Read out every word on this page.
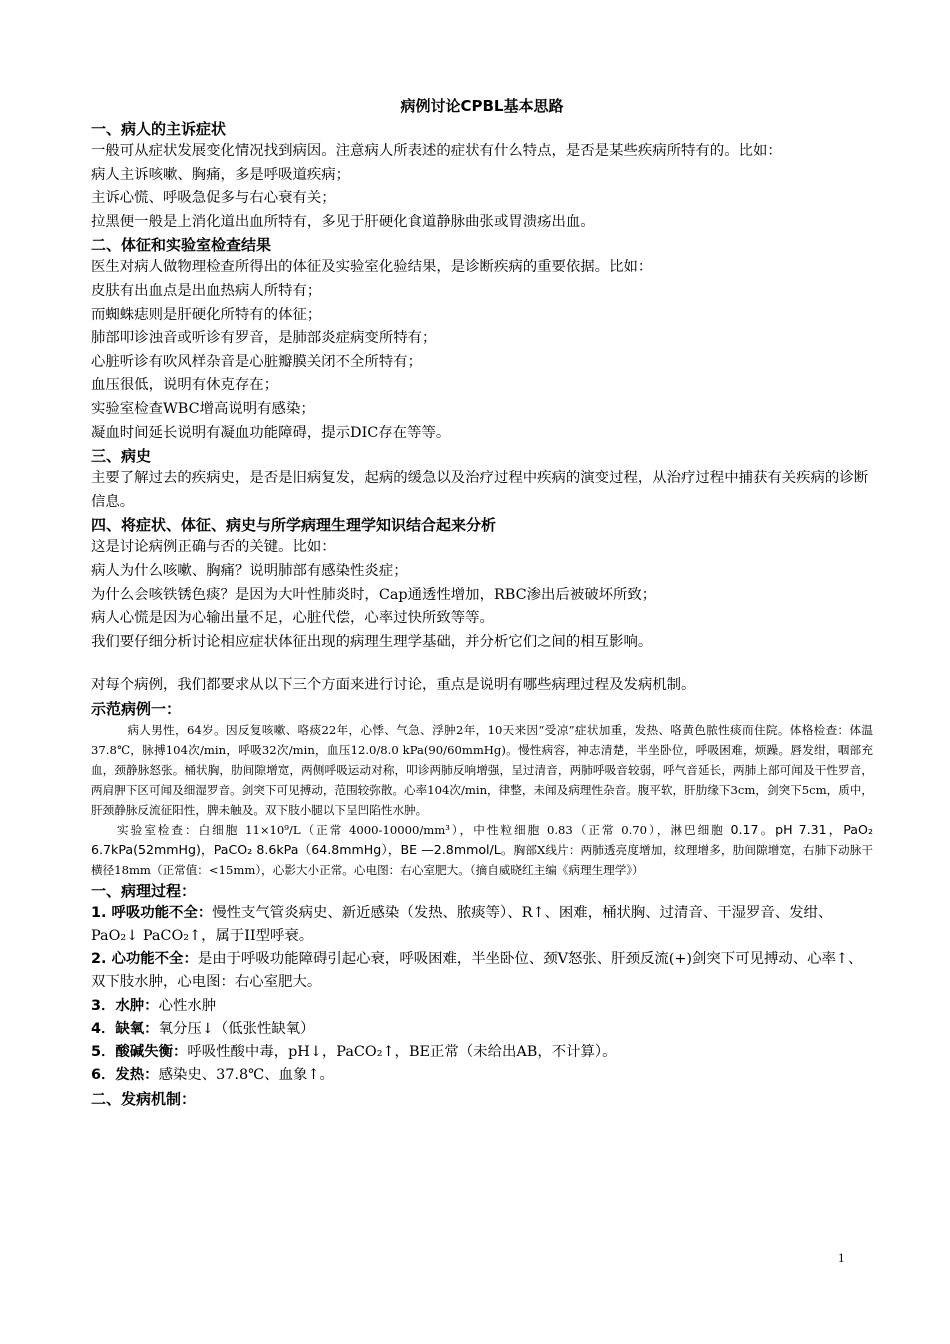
病例讨论CPBL基本思路
一、病人的主诉症状
一般可从症状发展变化情况找到病因。注意病人所表述的症状有什么特点，是否是某些疾病所特有的。比如：
病人主诉咳嗽、胸痛，多是呼吸道疾病；
主诉心慌、呼吸急促多与右心衰有关；
拉黑便一般是上消化道出血所特有，多见于肝硬化食道静脉曲张或胃溃疡出血。
二、体征和实验室检查结果
医生对病人做物理检查所得出的体征及实验室化验结果，是诊断疾病的重要依据。比如：
皮肤有出血点是出血热病人所特有；
而蜘蛛痣则是肝硬化所特有的体征；
肺部叩诊浊音或听诊有罗音，是肺部炎症病变所特有；
心脏听诊有吹风样杂音是心脏瓣膜关闭不全所特有；
血压很低，说明有休克存在；
实验室检查WBC增高说明有感染；
凝血时间延长说明有凝血功能障碍，提示DIC存在等等。
三、病史
主要了解过去的疾病史，是否是旧病复发，起病的缓急以及治疗过程中疾病的演变过程，从治疗过程中捕获有关疾病的诊断信息。
四、将症状、体征、病史与所学病理生理学知识结合起来分析
这是讨论病例正确与否的关键。比如：
病人为什么咳嗽、胸痛？说明肺部有感染性炎症；
为什么会咳铁锈色痰？是因为大叶性肺炎时，Cap通透性增加，RBC渗出后被破坏所致；
病人心慌是因为心输出量不足，心脏代偿，心率过快所致等等。
我们要仔细分析讨论相应症状体征出现的病理生理学基础，并分析它们之间的相互影响。
对每个病例，我们都要求从以下三个方面来进行讨论，重点是说明有哪些病理过程及发病机制。
示范病例一：
病人男性，64岁。因反复咳嗽、咯痰22年，心悸、气急、浮肿2年，10天来因“受凉”症状加重，发热、咯黄色脓性痰而住院。体格检查：体温37.8℃，脉搏104次/min，呼吸32次/min，血压12.0/8.0 kPa(90/60mmHg)。慢性病容，神志清楚，半坐卧位，呼吸困难，烦躁。唇发绀，咽部充血，颈静脉怒张。桶状胸，肋间隙增宽，两侧呼吸运动对称，叩诊两肺反响增强，呈过清音，两肺呼吸音较弱，呼气音延长，两肺上部可闻及干性罗音，两肩胛下区可闻及细湿罗音。剑突下可见搏动，范围较弥散。心率104次/min，律整，未闻及病理性杂音。腹平软，肝肋缘下3cm，剑突下5cm，质中，肝颈静脉反流征阳性，脾未触及。双下肢小腿以下呈凹陷性水肿。
实验室检查：白细胞 11×10⁹/L（正常 4000-10000/mm³），中性粒细胞 0.83（正常 0.70），淋巴细胞 0.17。pH 7.31，PaO₂ 6.7kPa(52mmHg)，PaCO₂ 8.6kPa（64.8mmHg），BE —2.8mmol/L。胸部X线片：两肺透亮度增加，纹理增多，肋间隙增宽，右肺下动脉干横径18mm（正常值：<15mm），心影大小正常。心电图：右心室肥大。（摘自威晓红主编《病理生理学》）
一、病理过程：
1. 呼吸功能不全：慢性支气管炎病史、新近感染（发热、脓痰等）、R↑、困难，桶状胸、过清音、干湿罗音、发绀、PaO₂↓ PaCO₂↑，属于II型呼衰。
2. 心功能不全：是由于呼吸功能障碍引起心衰，呼吸困难，半坐卧位、颈V怒张、肝颈反流(+)剑突下可见搏动、心率↑、双下肢水肿，心电图：右心室肥大。
3．水肿：心性水肿
4．缺氧：氧分压↓（低张性缺氧）
5．酸碱失衡：呼吸性酸中毒，pH↓，PaCO₂↑，BE正常（未给出AB，不计算）。
6．发热：感染史、37.8℃、血象↑。
二、发病机制：
1
